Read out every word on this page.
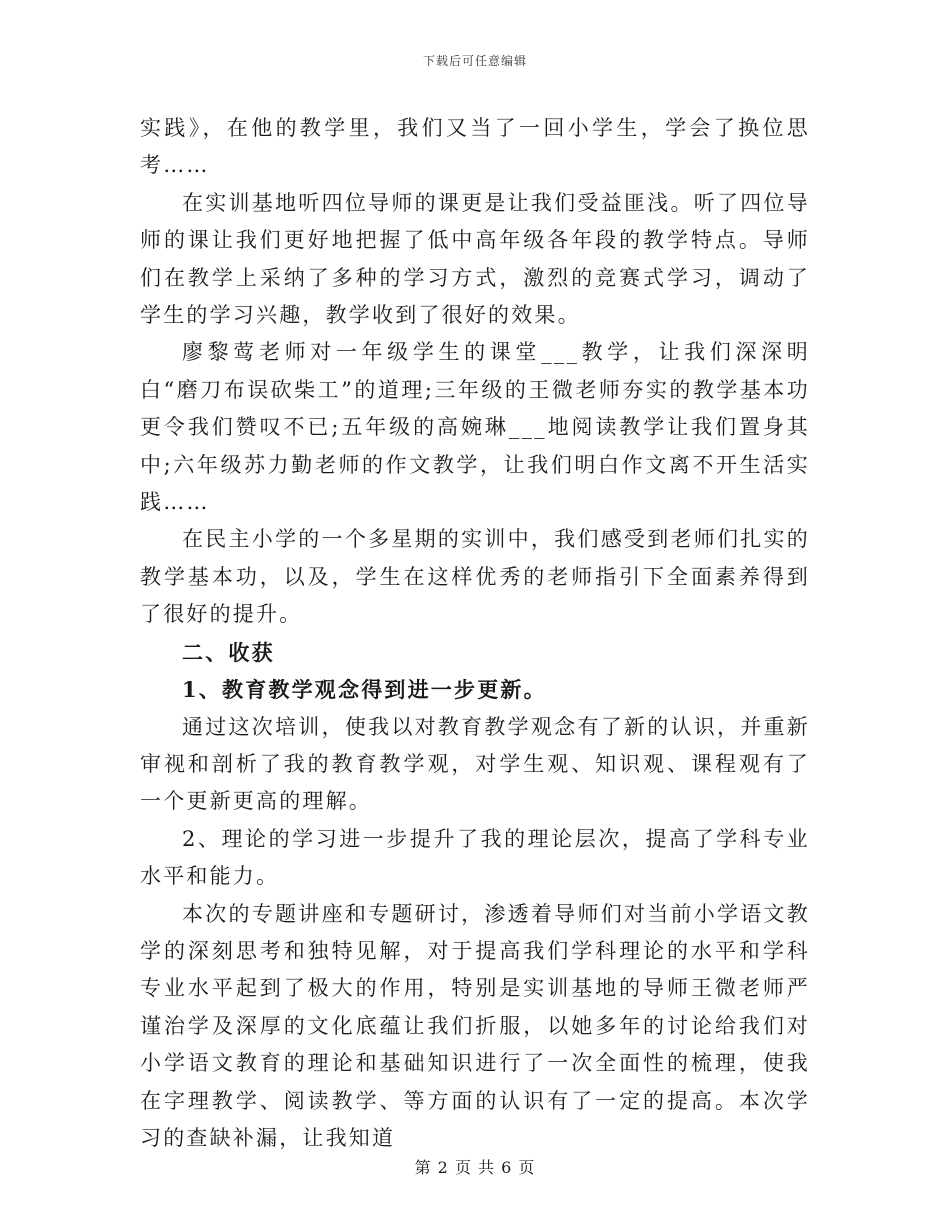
下载后可任意编辑

实践》，在他的教学里，我们又当了一回小学生，学会了换位思考……

在实训基地听四位导师的课更是让我们受益匪浅。听了四位导师的课让我们更好地把握了低中高年级各年段的教学特点。导师们在教学上采纳了多种的学习方式，激烈的竞赛式学习，调动了学生的学习兴趣，教学收到了很好的效果。

廖黎莺老师对一年级学生的课堂___教学，让我们深深明白“磨刀布误砍柴工”的道理;三年级的王微老师夯实的教学基本功更令我们赞叹不已;五年级的高婉琳___地阅读教学让我们置身其中;六年级苏力勤老师的作文教学，让我们明白作文离不开生活实践……

在民主小学的一个多星期的实训中，我们感受到老师们扎实的教学基本功，以及，学生在这样优秀的老师指引下全面素养得到了很好的提升。

二、收获

1、教育教学观念得到进一步更新。

通过这次培训，使我以对教育教学观念有了新的认识，并重新审视和剖析了我的教育教学观，对学生观、知识观、课程观有了一个更新更高的理解。

2、理论的学习进一步提升了我的理论层次，提高了学科专业水平和能力。

本次的专题讲座和专题研讨，渗透着导师们对当前小学语文教学的深刻思考和独特见解，对于提高我们学科理论的水平和学科专业水平起到了极大的作用，特别是实训基地的导师王微老师严谨治学及深厚的文化底蕴让我们折服，以她多年的讨论给我们对小学语文教育的理论和基础知识进行了一次全面性的梳理，使我在字理教学、阅读教学、等方面的认识有了一定的提高。本次学习的查缺补漏，让我知道

第 2 页 共 6 页
